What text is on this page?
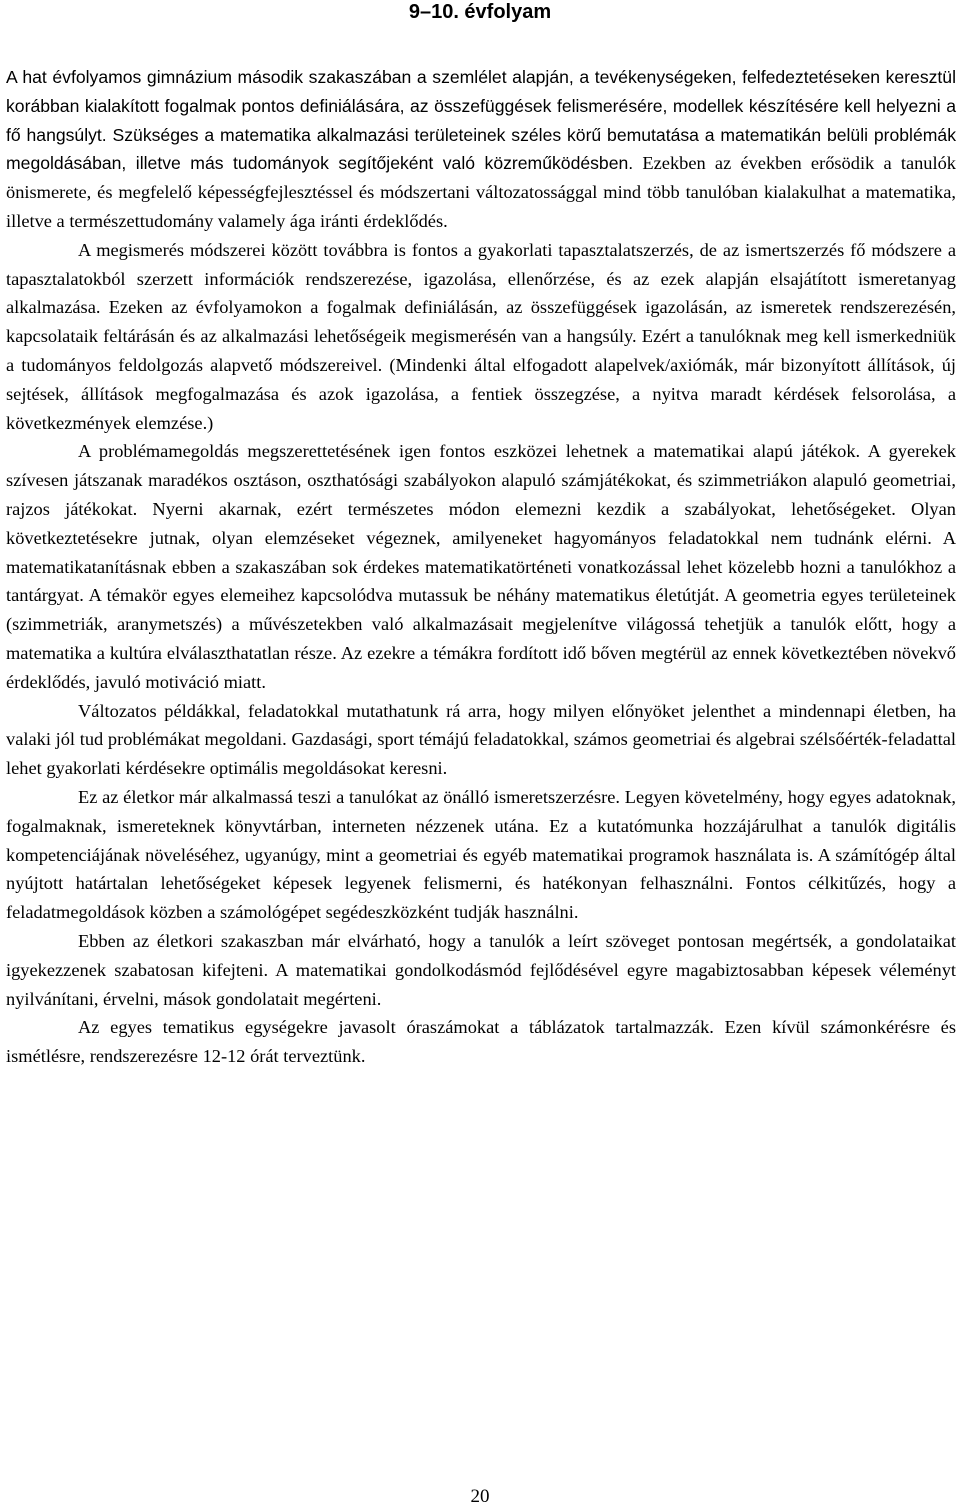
9–10. évfolyam

A hat évfolyamos gimnázium második szakaszában a szemlélet alapján, a tevékenységeken, felfedeztetéseken keresztül korábban kialakított fogalmak pontos definiálására, az összefüggések felismerésére, modellek készítésére kell helyezni a fő hangsúlyt. Szükséges a matematika alkalmazási területeinek széles körű bemutatása a matematikán belüli problémák megoldásában, illetve más tudományok segítőjeként való közreműködésben. Ezekben az években erősödik a tanulók önismerete, és megfelelő képességfejlesztéssel és módszertani változatossággal mind több tanulóban kialakulhat a matematika, illetve a természettudomány valamely ága iránti érdeklődés.

A megismerés módszerei között továbbra is fontos a gyakorlati tapasztalatszerzés, de az ismertszerzés fő módszere a tapasztalatokból szerzett információk rendszerezése, igazolása, ellenőrzése, és az ezek alapján elsajátított ismeretanyag alkalmazása. Ezeken az évfolyamokon a fogalmak definiálásán, az összefüggések igazolásán, az ismeretek rendszerezésén, kapcsolataik feltárásán és az alkalmazási lehetőségeik megismerésén van a hangsúly. Ezért a tanulóknak meg kell ismerkedniük a tudományos feldolgozás alapvető módszereivel. (Mindenki által elfogadott alapelvek/axiómák, már bizonyított állítások, új sejtések, állítások megfogalmazása és azok igazolása, a fentiek összegzése, a nyitva maradt kérdések felsorolása, a következmények elemzése.)

A problémamegoldás megszerettetésének igen fontos eszközei lehetnek a matematikai alapú játékok. A gyerekek szívesen játszanak maradékos osztáson, oszthatósági szabályokon alapuló számjátékokat, és szimmetriákon alapuló geometriai, rajzos játékokat. Nyerni akarnak, ezért természetes módon elemezni kezdik a szabályokat, lehetőségeket. Olyan következtetésekre jutnak, olyan elemzéseket végeznek, amilyeneket hagyományos feladatokkal nem tudnánk elérni. A matematikatanításnak ebben a szakaszában sok érdekes matematikatörténeti vonatkozással lehet közelebb hozni a tanulókhoz a tantárgyat. A témakör egyes elemeihez kapcsolódva mutassuk be néhány matematikus életútját. A geometria egyes területeinek (szimmetriák, aranymetszés) a művészetekben való alkalmazásait megjelenítve világossá tehetjük a tanulók előtt, hogy a matematika a kultúra elválaszthatatlan része. Az ezekre a témákra fordított idő bőven megtérül az ennek következtében növekvő érdeklődés, javuló motiváció miatt.

Változatos példákkal, feladatokkal mutathatunk rá arra, hogy milyen előnyöket jelenthet a mindennapi életben, ha valaki jól tud problémákat megoldani. Gazdasági, sport témájú feladatokkal, számos geometriai és algebrai szélsőérték-feladattal lehet gyakorlati kérdésekre optimális megoldásokat keresni.

Ez az életkor már alkalmassá teszi a tanulókat az önálló ismeretszerzésre. Legyen követelmény, hogy egyes adatoknak, fogalmaknak, ismereteknek könyvtárban, interneten nézzenek utána. Ez a kutatómunka hozzájárulhat a tanulók digitális kompetenciájának növeléséhez, ugyanúgy, mint a geometriai és egyéb matematikai programok használata is. A számítógép által nyújtott határtalan lehetőségeket képesek legyenek felismerni, és hatékonyan felhasználni. Fontos célkitűzés, hogy a feladatmegoldások közben a számológépet segédeszközként tudják használni.

Ebben az életkori szakaszban már elvárható, hogy a tanulók a leírt szöveget pontosan megértsék, a gondolataikat igyekezzenek szabatosan kifejteni. A matematikai gondolkodásmód fejlődésével egyre magabiztosabban képesek véleményt nyilvánítani, érvelni, mások gondolatait megérteni.

Az egyes tematikus egységekre javasolt óraszámokat a táblázatok tartalmazzák. Ezen kívül számonkérésre és ismétlésre, rendszerezésre 12-12 órát terveztünk.

20
